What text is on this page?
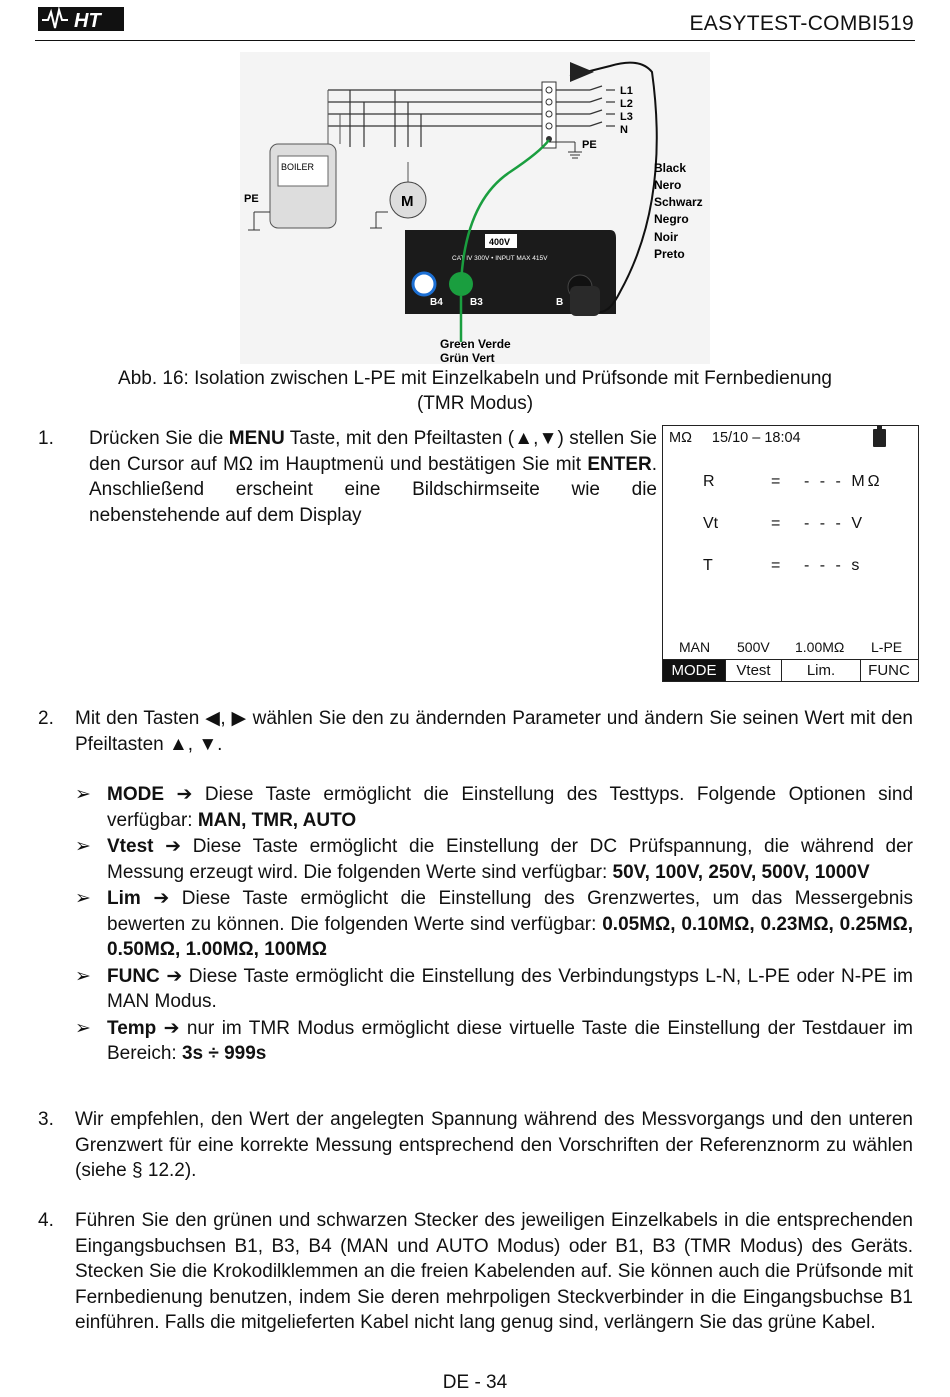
HT	EASYTEST-COMBI519
L1
L2
L3
N
PE
BOILER
PE	M
400V
CAT IV 300V • INPUT MAX 415V
B4	B3	B
Black
Nero
Schwarz
Negro
Noir
Preto
Green Verde
Grün Vert
Abb. 16: Isolation zwischen L-PE mit Einzelkabeln und Prüfsonde mit Fernbedienung
(TMR Modus)
1. Drücken Sie die MENU Taste, mit den Pfeiltasten (▲,▼) stellen Sie den Cursor auf MΩ im Hauptmenü und bestätigen Sie mit ENTER. Anschließend erscheint eine Bildschirmseite wie die nebenstehende auf dem Display
MΩ 15/10 – 18:04
R	= - - - MΩ
Vt	= - - - V
T	= - - - s
MAN 500V 1.00MΩ L-PE
MODE	Vtest	Lim.	FUNC
2. Mit den Tasten ◀, ▶ wählen Sie den zu ändernden Parameter und ändern Sie seinen Wert mit den Pfeiltasten ▲, ▼.
➢ MODE ➔ Diese Taste ermöglicht die Einstellung des Testtyps. Folgende Optionen sind verfügbar: MAN, TMR, AUTO
➢ Vtest ➔ Diese Taste ermöglicht die Einstellung der DC Prüfspannung, die während der Messung erzeugt wird. Die folgenden Werte sind verfügbar: 50V, 100V, 250V, 500V, 1000V
➢ Lim ➔ Diese Taste ermöglicht die Einstellung des Grenzwertes, um das Messergebnis bewerten zu können. Die folgenden Werte sind verfügbar: 0.05MΩ, 0.10MΩ, 0.23MΩ, 0.25MΩ, 0.50MΩ, 1.00MΩ, 100MΩ
➢ FUNC ➔ Diese Taste ermöglicht die Einstellung des Verbindungstyps L-N, L-PE oder N-PE im MAN Modus.
➢ Temp ➔ nur im TMR Modus ermöglicht diese virtuelle Taste die Einstellung der Testdauer im Bereich: 3s ÷ 999s
3. Wir empfehlen, den Wert der angelegten Spannung während des Messvorgangs und den unteren Grenzwert für eine korrekte Messung entsprechend den Vorschriften der Referenznorm zu wählen (siehe § 12.2).
4. Führen Sie den grünen und schwarzen Stecker des jeweiligen Einzelkabels in die entsprechenden Eingangsbuchsen B1, B3, B4 (MAN und AUTO Modus) oder B1, B3 (TMR Modus) des Geräts. Stecken Sie die Krokodilklemmen an die freien Kabelenden auf. Sie können auch die Prüfsonde mit Fernbedienung benutzen, indem Sie deren mehrpoligen Steckverbinder in die Eingangsbuchse B1 einführen. Falls die mitgelieferten Kabel nicht lang genug sind, verlängern Sie das grüne Kabel.
DE - 34
